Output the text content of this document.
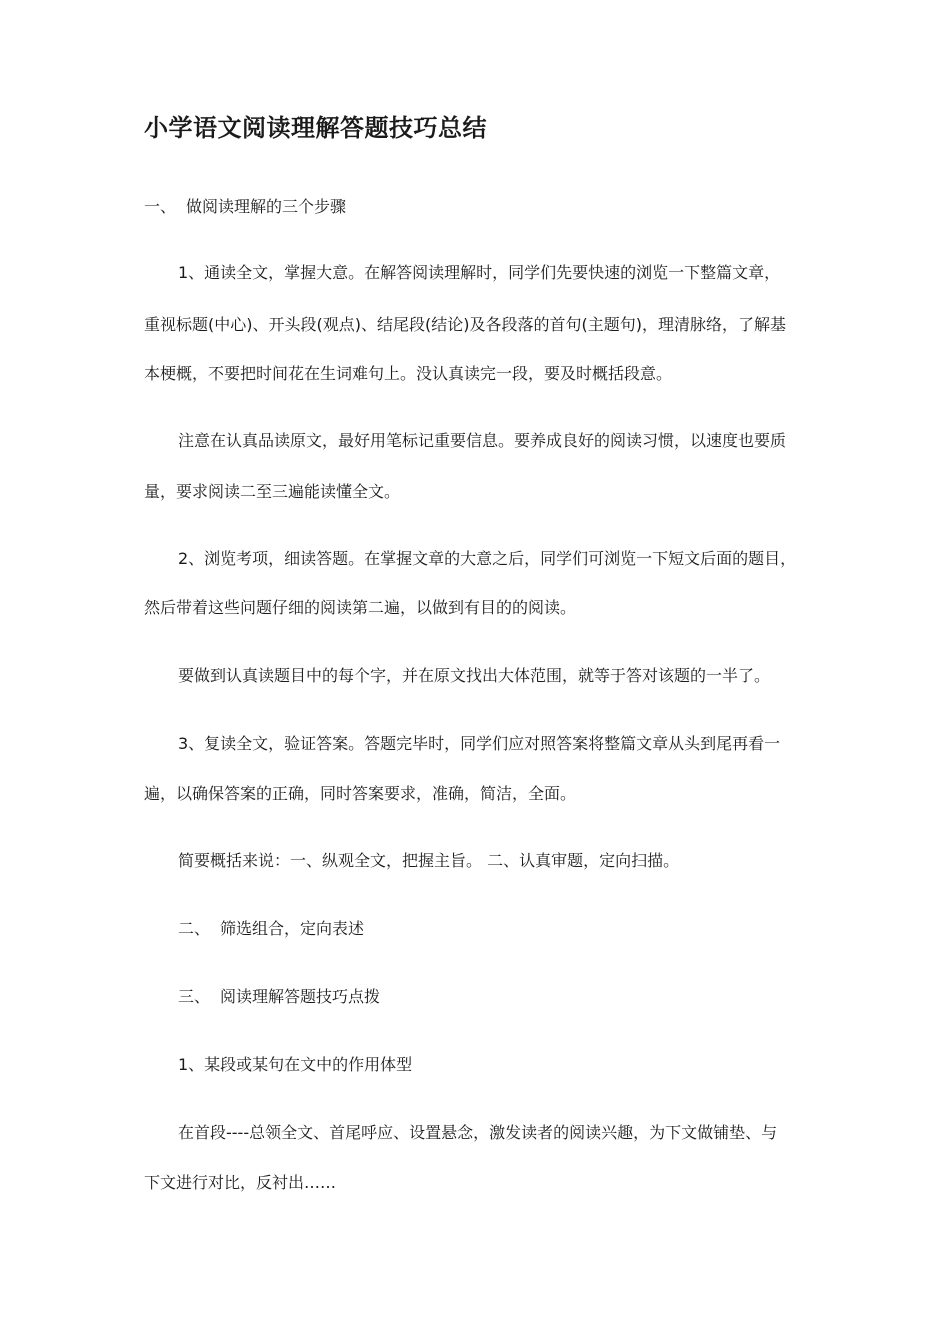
小学语文阅读理解答题技巧总结
一、 做阅读理解的三个步骤
1、通读全文，掌握大意。在解答阅读理解时，同学们先要快速的浏览一下整篇文章，
重视标题(中心)、开头段(观点)、结尾段(结论)及各段落的首句(主题句)，理清脉络，了解基
本梗概，不要把时间花在生词难句上。没认真读完一段，要及时概括段意。
注意在认真品读原文，最好用笔标记重要信息。要养成良好的阅读习惯，以速度也要质
量，要求阅读二至三遍能读懂全文。
2、浏览考项，细读答题。在掌握文章的大意之后，同学们可浏览一下短文后面的题目，
然后带着这些问题仔细的阅读第二遍，以做到有目的的阅读。
要做到认真读题目中的每个字，并在原文找出大体范围，就等于答对该题的一半了。
3、复读全文，验证答案。答题完毕时，同学们应对照答案将整篇文章从头到尾再看一
遍，以确保答案的正确，同时答案要求，准确，简洁，全面。
简要概括来说：一、纵观全文，把握主旨。 二、认真审题，定向扫描。
二、 筛选组合，定向表述
三、 阅读理解答题技巧点拨
1、某段或某句在文中的作用体型
在首段----总领全文、首尾呼应、设置悬念，激发读者的阅读兴趣，为下文做铺垫、与
下文进行对比，反衬出……
